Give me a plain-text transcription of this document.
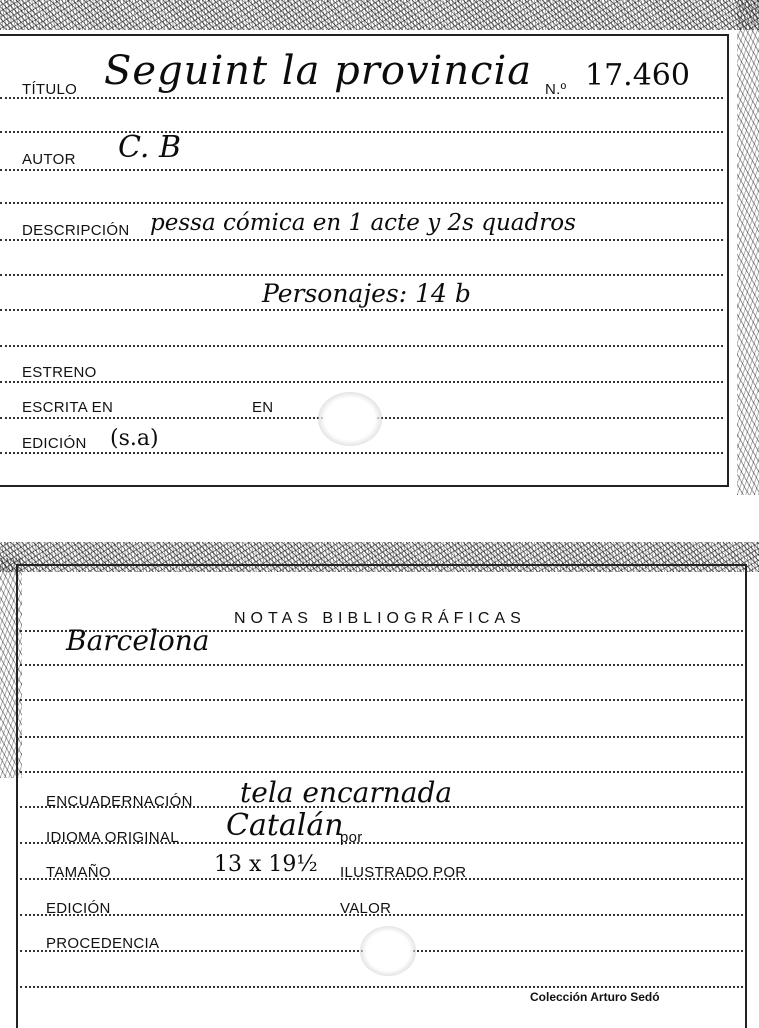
TÍTULO Seguint la provincia N.º 17.460
AUTOR C. B
DESCRIPCIÓN pessa cómica en 1 acte y 2s quadros
Personajes: 14 b
ESTRENO
ESCRITA EN	EN
EDICIÓN (s.a)
NOTAS BIBLIOGRÁFICAS
Barcelona
ENCUADERNACIÓN tela encarnada
IDIOMA ORIGINAL Catalán
por
TAMAÑO	13 x 19½ ILUSTRADO POR
EDICIÓN	VALOR
PROCEDENCIA
Colección Arturo Sedó
